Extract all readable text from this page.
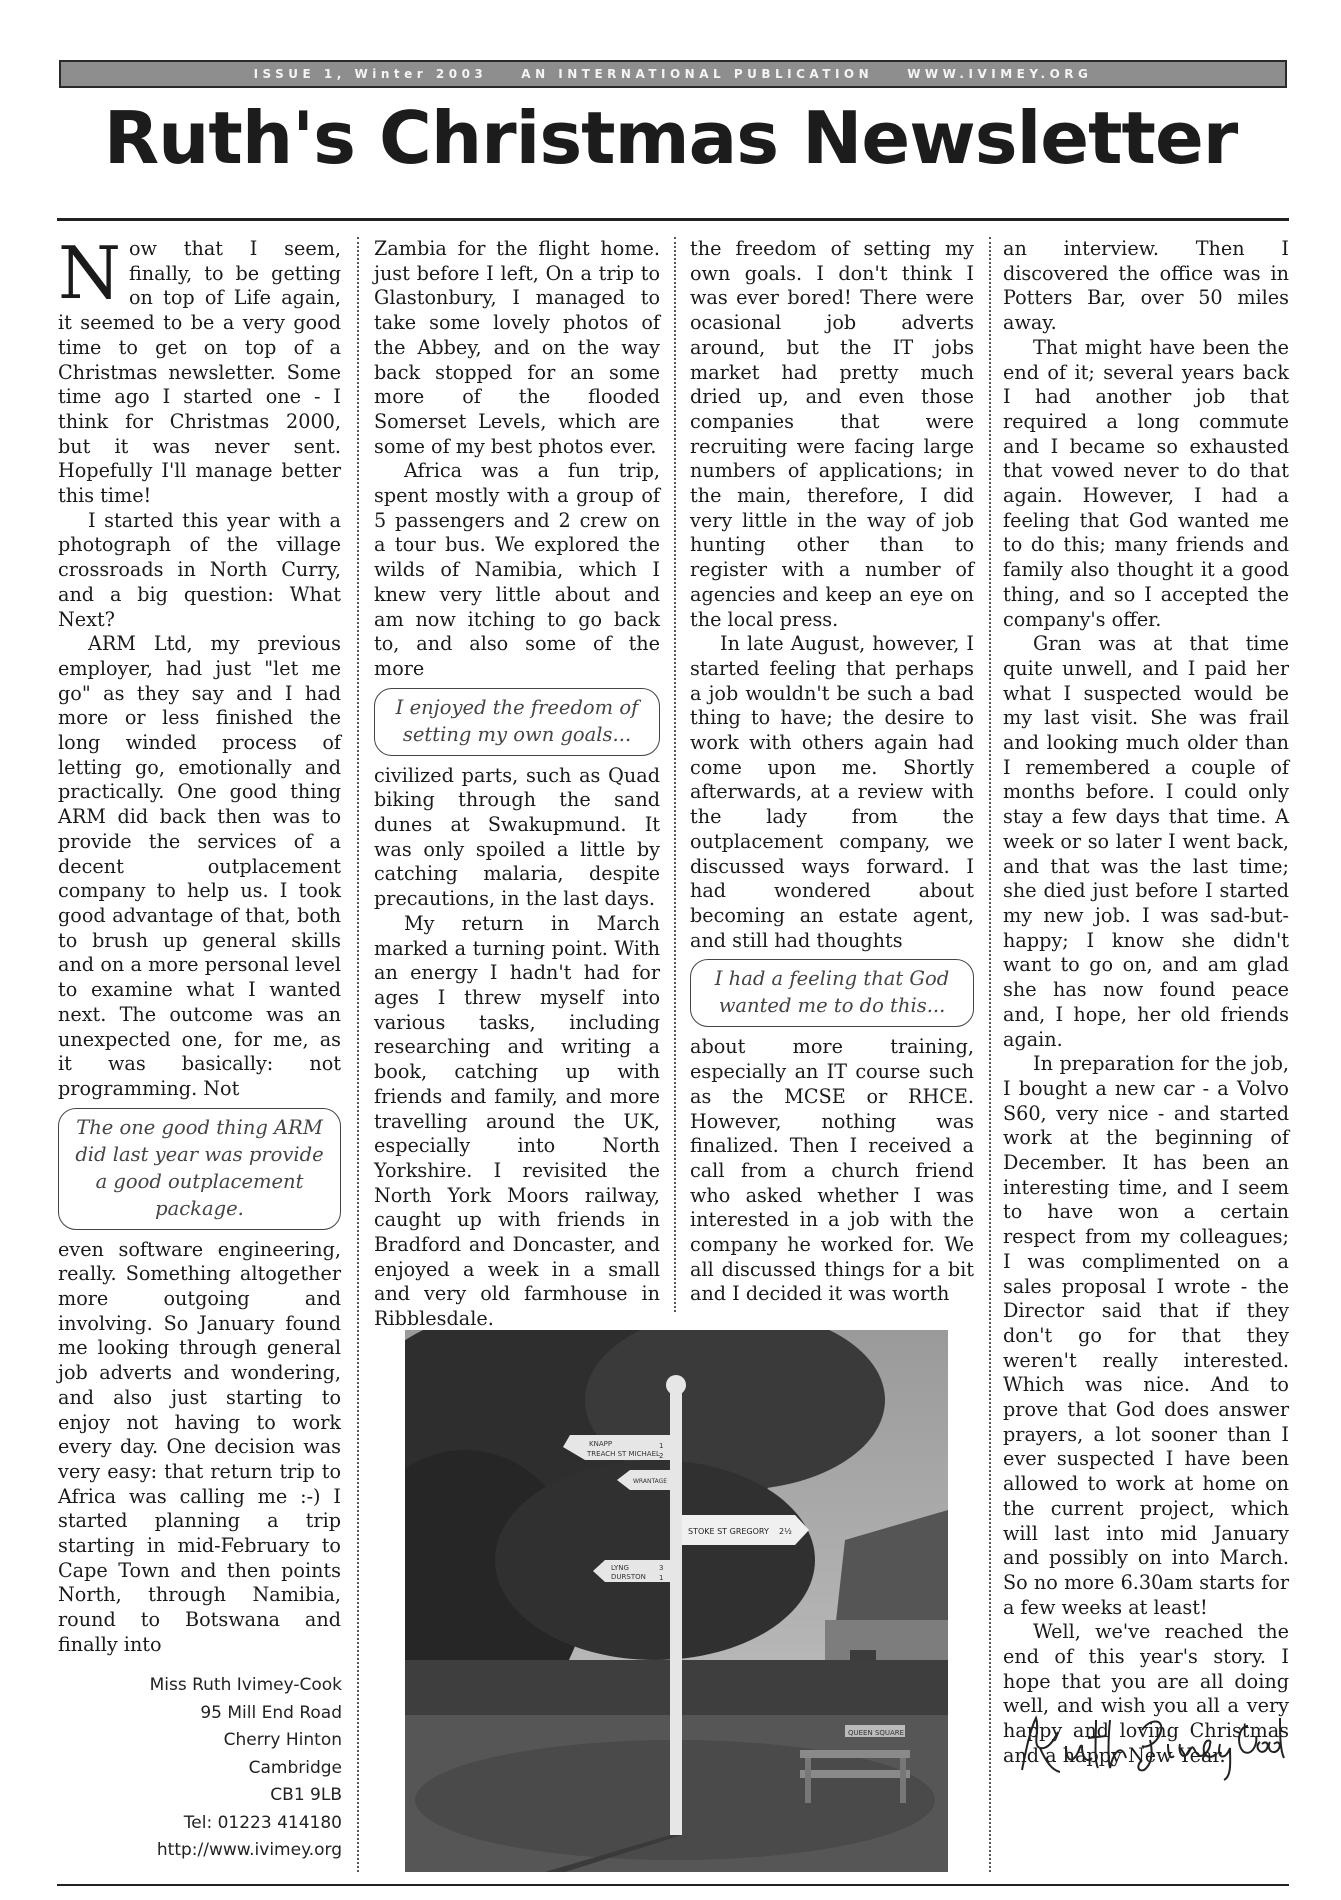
ISSUE 1, Winter 2003	AN INTERNATIONAL PUBLICATION	WWW.IVIMEY.ORG
Ruth's Christmas Newsletter

Now that I seem, finally, to be getting on top of Life again, it seemed to be a very good time to get on top of a Christmas newsletter. Some time ago I started one - I think for Christmas 2000, but it was never sent. Hopefully I'll manage better this time!

I started this year with a photograph of the village crossroads in North Curry, and a big question: What Next?

ARM Ltd, my previous employer, had just "let me go" as they say and I had more or less finished the long winded process of letting go, emotionally and practically. One good thing ARM did back then was to provide the services of a decent outplacement company to help us. I took good advantage of that, both to brush up general skills and on a more personal level to examine what I wanted next. The outcome was an unexpected one, for me, as it was basically: not programming. Not

The one good thing ARM did last year was provide a good outplacement package.

even software engineering, really. Something altogether more outgoing and involving. So January found me looking through general job adverts and wondering, and also just starting to enjoy not having to work every day. One decision was very easy: that return trip to Africa was calling me :-) I started planning a trip starting in mid-February to Cape Town and then points North, through Namibia, round to Botswana and finally into

Zambia for the flight home. just before I left, On a trip to Glastonbury, I managed to take some lovely photos of the Abbey, and on the way back stopped for an some more of the flooded Somerset Levels, which are some of my best photos ever.

Africa was a fun trip, spent mostly with a group of 5 passengers and 2 crew on a tour bus. We explored the wilds of Namibia, which I knew very little about and am now itching to go back to, and also some of the more

I enjoyed the freedom of setting my own goals...

civilized parts, such as Quad biking through the sand dunes at Swakupmund. It was only spoiled a little by catching malaria, despite precautions, in the last days.

My return in March marked a turning point. With an energy I hadn't had for ages I threw myself into various tasks, including researching and writing a book, catching up with friends and family, and more travelling around the UK, especially into North Yorkshire. I revisited the North York Moors railway, caught up with friends in Bradford and Doncaster, and enjoyed a week in a small and very old farmhouse in Ribblesdale.

the freedom of setting my own goals. I don't think I was ever bored! There were ocasional job adverts around, but the IT jobs market had pretty much dried up, and even those companies that were recruiting were facing large numbers of applications; in the main, therefore, I did very little in the way of job hunting other than to register with a number of agencies and keep an eye on the local press.

In late August, however, I started feeling that perhaps a job wouldn't be such a bad thing to have; the desire to work with others again had come upon me. Shortly afterwards, at a review with the lady from the outplacement company, we discussed ways forward. I had wondered about becoming an estate agent, and still had thoughts

I had a feeling that God wanted me to do this...

about more training, especially an IT course such as the MCSE or RHCE. However, nothing was finalized. Then I received a call from a church friend who asked whether I was interested in a job with the company he worked for. We all discussed things for a bit and I decided it was worth

an interview. Then I discovered the office was in Potters Bar, over 50 miles away.

That might have been the end of it; several years back I had another job that required a long commute and I became so exhausted that vowed never to do that again. However, I had a feeling that God wanted me to do this; many friends and family also thought it a good thing, and so I accepted the company's offer.

Gran was at that time quite unwell, and I paid her what I suspected would be my last visit. She was frail and looking much older than I remembered a couple of months before. I could only stay a few days that time. A week or so later I went back, and that was the last time; she died just before I started my new job. I was sad-but-happy; I know she didn't want to go on, and am glad she has now found peace and, I hope, her old friends again.

In preparation for the job, I bought a new car - a Volvo S60, very nice - and started work at the beginning of December. It has been an interesting time, and I seem to have won a certain respect from my colleagues; I was complimented on a sales proposal I wrote - the Director said that if they don't go for that they weren't really interested. Which was nice. And to prove that God does answer prayers, a lot sooner than I ever suspected I have been allowed to work at home on the current project, which will last into mid January and possibly on into March. So no more 6.30am starts for a few weeks at least!

Well, we've reached the end of this year's story. I hope that you are all doing well, and wish you all a very happy and loving Christmas and a happy New Year.

KNAPP
TREACH ST MICHAEL
WRANTAGE
STOKE ST GREGORY
LYNG
DURSTON
QUEEN SQUARE
1
2
2½
3
1
Miss Ruth Ivimey-Cook
95 Mill End Road
Cherry Hinton
Cambridge
CB1 9LB
Tel: 01223 414180
http://www.ivimey.org
